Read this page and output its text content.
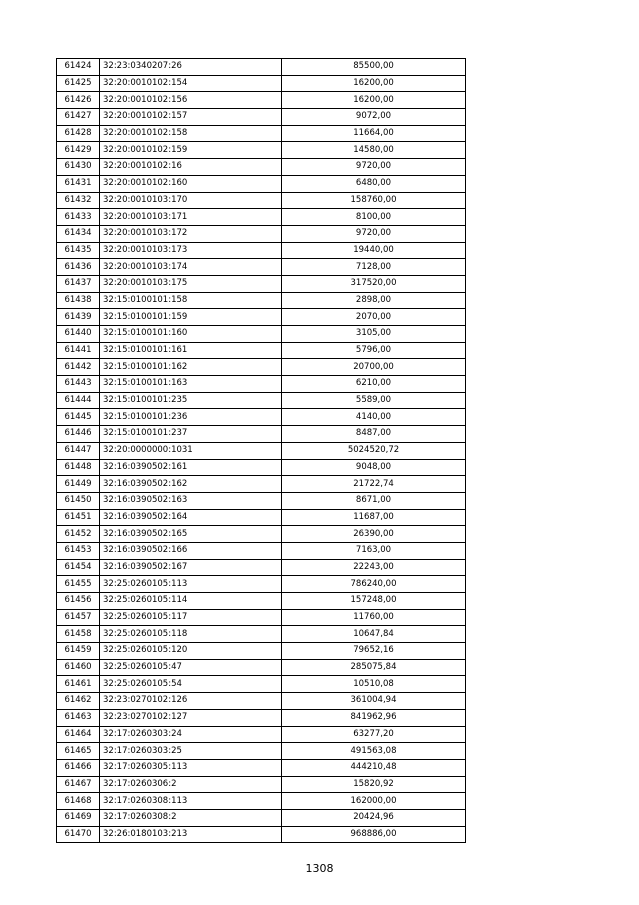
61424	32:23:0340207:26	85500,00
61425	32:20:0010102:154	16200,00
61426	32:20:0010102:156	16200,00
61427	32:20:0010102:157	9072,00
61428	32:20:0010102:158	11664,00
61429	32:20:0010102:159	14580,00
61430	32:20:0010102:16	9720,00
61431	32:20:0010102:160	6480,00
61432	32:20:0010103:170	158760,00
61433	32:20:0010103:171	8100,00
61434	32:20:0010103:172	9720,00
61435	32:20:0010103:173	19440,00
61436	32:20:0010103:174	7128,00
61437	32:20:0010103:175	317520,00
61438	32:15:0100101:158	2898,00
61439	32:15:0100101:159	2070,00
61440	32:15:0100101:160	3105,00
61441	32:15:0100101:161	5796,00
61442	32:15:0100101:162	20700,00
61443	32:15:0100101:163	6210,00
61444	32:15:0100101:235	5589,00
61445	32:15:0100101:236	4140,00
61446	32:15:0100101:237	8487,00
61447	32:20:0000000:1031	5024520,72
61448	32:16:0390502:161	9048,00
61449	32:16:0390502:162	21722,74
61450	32:16:0390502:163	8671,00
61451	32:16:0390502:164	11687,00
61452	32:16:0390502:165	26390,00
61453	32:16:0390502:166	7163,00
61454	32:16:0390502:167	22243,00
61455	32:25:0260105:113	786240,00
61456	32:25:0260105:114	157248,00
61457	32:25:0260105:117	11760,00
61458	32:25:0260105:118	10647,84
61459	32:25:0260105:120	79652,16
61460	32:25:0260105:47	285075,84
61461	32:25:0260105:54	10510,08
61462	32:23:0270102:126	361004,94
61463	32:23:0270102:127	841962,96
61464	32:17:0260303:24	63277,20
61465	32:17:0260303:25	491563,08
61466	32:17:0260305:113	444210,48
61467	32:17:0260306:2	15820,92
61468	32:17:0260308:113	162000,00
61469	32:17:0260308:2	20424,96
61470	32:26:0180103:213	968886,00
1308
